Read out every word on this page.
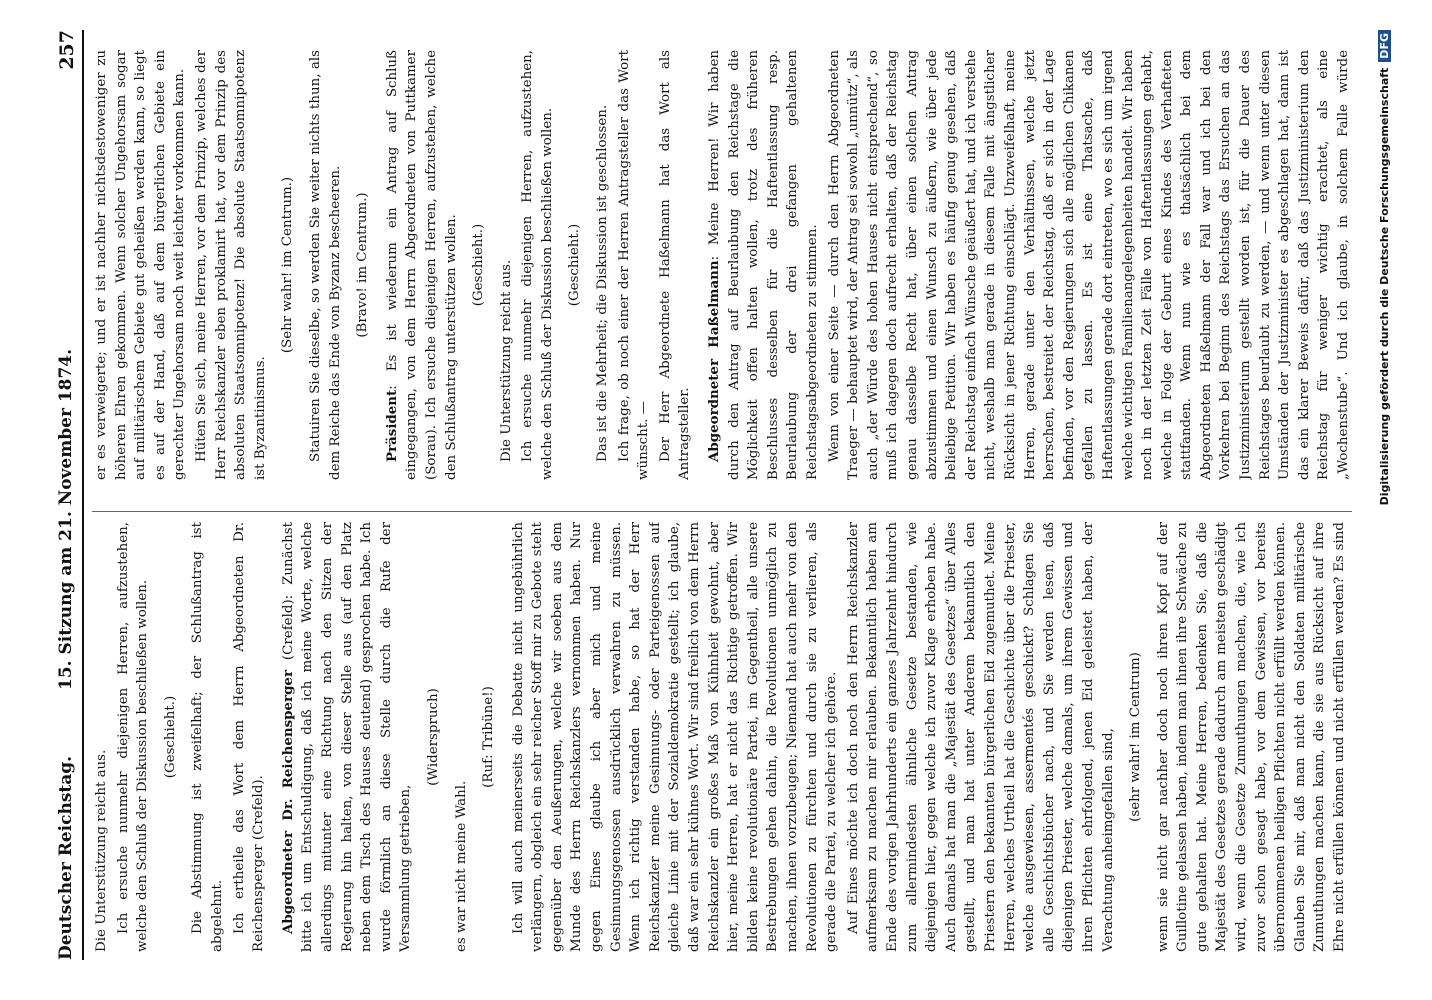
Deutscher Reichstag.
15. Sitzung am 21. November 1874.
257

Die Unterstützung reicht aus. Ich ersuche nunmehr diejenigen Herren, aufzustehen, welche den Schluß der Diskussion beschließen wollen. (Geschieht.) Die Abstimmung ist zweifelhaft; der Schlußantrag ist abgelehnt. Ich ertheile das Wort dem Herrn Abgeordneten Dr. Reichensperger (Crefeld). Abgeordneter Dr. Reichensperger (Crefeld): Zunächst bitte ich um Entschuldigung, daß ich meine Worte, welche allerdings mitunter eine Richtung nach den Sitzen der Regierung hin halten, von dieser Stelle aus (auf den Platz neben dem Tisch des Hauses deutend) gesprochen habe. Ich wurde förmlich an diese Stelle durch die Rufe der Versammlung getrieben,

(Widerspruch)

es war nicht meine Wahl.

(Ruf: Tribüne!) Ich will auch meinerseits die Debatte nicht ungebührlich verlängern, obgleich ein sehr reicher Stoff mir zu Gebote steht gegenüber den Aeußerungen, welche wir soeben aus dem Munde des Herrn Reichskanzlers vernommen haben. Nur gegen Eines glaube ich aber mich und meine Gesinnungsgenossen ausdrücklich verwahren zu müssen. Wenn ich richtig verstanden habe, so hat der Herr Reichskanzler meine Gesinnungs- oder Parteigenossen auf gleiche Linie mit der Sozialdemokratie gestellt; ich glaube, daß war ein sehr kühnes Wort. Wir sind freilich von dem Herrn Reichskanzler ein großes Maß von Kühnheit gewohnt, aber hier, meine Herren, hat er nicht das Richtige getroffen. Wir bilden keine revolutionäre Partei, im Gegentheil, alle unsere Bestrebungen gehen dahin, die Revolutionen unmöglich zu machen, ihnen vorzubeugen; Niemand hat auch mehr von den Revolutionen zu fürchten und durch sie zu verlieren, als gerade die Partei, zu welcher ich gehöre. Auf Eines möchte ich doch noch den Herrn Reichskanzler aufmerksam zu machen mir erlauben. Bekanntlich haben am Ende des vorigen Jahrhunderts ein ganzes Jahrzehnt hindurch zum allermindesten ähnliche Gesetze bestanden, wie diejenigen hier, gegen welche ich zuvor Klage erhoben habe. Auch damals hat man die „Majestät des Gesetzes“ über Alles gestellt, und man hat unter Anderem bekanntlich den Priestern den bekannten bürgerlichen Eid zugemuthet. Meine Herren, welches Urtheil hat die Geschichte über die Priester, welche ausgewiesen, assermentés geschickt? Schlagen Sie alle Geschichtsbücher nach, und Sie werden lesen, daß diejenigen Priester, welche damals, um ihrem Gewissen und ihren Pflichten ehrfolgend, jenen Eid geleistet haben, der Verachtung anheimgefallen sind, (sehr wahr! im Centrum)

wenn sie nicht gar nachher doch noch ihren Kopf auf der Guillotine gelassen haben, indem man ihnen ihre Schwäche zu gute gehalten hat. Meine Herren, bedenken Sie, daß die Majestät des Gesetzes gerade dadurch am meisten geschädigt wird, wenn die Gesetze Zumuthungen machen, die, wie ich zuvor schon gesagt habe, vor dem Gewissen, vor bereits übernommenen heiligen Pflichten nicht erfüllt werden können. Glauben Sie mir, daß man nicht den Soldaten militärische Zumuthungen machen kann, die sie aus Rücksicht auf ihre Ehre nicht erfüllen können und nicht erfüllen werden? Es sind

er es verweigerte; und er ist nachher nichtsdestoweniger zu höheren Ehren gekommen. Wenn solcher Ungehorsam sogar auf militärischem Gebiete gut geheißen werden kann, so liegt es auf der Hand, daß auf dem bürgerlichen Gebiete ein gerechter Ungehorsam noch weit leichter vorkommen kann. Hüten Sie sich, meine Herren, vor dem Prinzip, welches der Herr Reichskanzler eben proklamirt hat, vor dem Prinzip des absoluten Staatsomnipotenz! Die absolute Staatsomnipotenz ist Byzantinismus.

(Sehr wahr! im Centrum.) Statuiren Sie dieselbe, so werden Sie weiter nichts thun, als dem Reiche das Ende von Byzanz bescheeren. (Bravo! im Centrum.)

Präsident: Es ist wiederum ein Antrag auf Schluß eingegangen, von dem Herrn Abgeordneten von Puttkamer (Sorau). Ich ersuche diejenigen Herren, aufzustehen, welche den Schlußantrag unterstützen wollen. (Geschieht.) Die Unterstützung reicht aus. Ich ersuche nunmehr diejenigen Herren, aufzustehen, welche den Schluß der Diskussion beschließen wollen. (Geschieht.) Das ist die Mehrheit; die Diskussion ist geschlossen. Ich frage, ob noch einer der Herren Antragsteller das Wort wünscht. — Der Herr Abgeordnete Haßelmann hat das Wort als Antragsteller. Abgeordneter Haßelmann: Meine Herren! Wir haben durch den Antrag auf Beurlaubung den Reichstage die Möglichkeit offen halten wollen, trotz des früheren Beschlusses desselben für die Haftentlassung resp. Beurlaubung der drei gefangen gehaltenen Reichstagsabgeordneten zu stimmen. Wenn von einer Seite — durch den Herrn Abgeordneten Traeger — behauptet wird, der Antrag sei sowohl „unnütz“, als auch „der Würde des hohen Hauses nicht entsprechend“, so muß ich dagegen doch aufrecht erhalten, daß der Reichstag genau dasselbe Recht hat, über einen solchen Antrag abzustimmen und einen Wunsch zu äußern, wie über jede beliebige Petition. Wir haben es häufig genug gesehen, daß der Reichstag einfach Wünsche geäußert hat, und ich verstehe nicht, weshalb man gerade in diesem Falle mit ängstlicher Rücksicht in jener Richtung einschlägt. Unzweifelhaft, meine Herren, gerade unter den Verhältnissen, welche jetzt herrschen, bestreitet der Reichstag, daß er sich in der Lage befinden, vor den Regierungen sich alle möglichen Chikanen gefallen zu lassen. Es ist eine Thatsache, daß Haftentlassungen gerade dort eintreten, wo es sich um irgend welche wichtigen Familienangelegenheiten handelt. Wir haben noch in der letzten Zeit Fälle von Haftentlassungen gehabt, welche in Folge der Geburt eines Kindes des Verhafteten stattfanden. Wenn nun wie es thatsächlich bei dem Abgeordneten Haßelmann der Fall war und ich bei den Vorkehren bei Beginn des Reichstags das Ersuchen an das Justizministerium gestellt worden ist, für die Dauer des Reichstages beurlaubt zu werden, — und wenn unter diesen Umständen der Justizminister es abgeschlagen hat, dann ist das ein klarer Beweis dafür, daß das Justizministerium den Reichstag für weniger wichtig erachtet, als eine „Wochenstube“. Und ich glaube, in solchem Falle würde	Digitalisierung gefördert durch die Deutsche ForschungsgemeinschaftDFG
